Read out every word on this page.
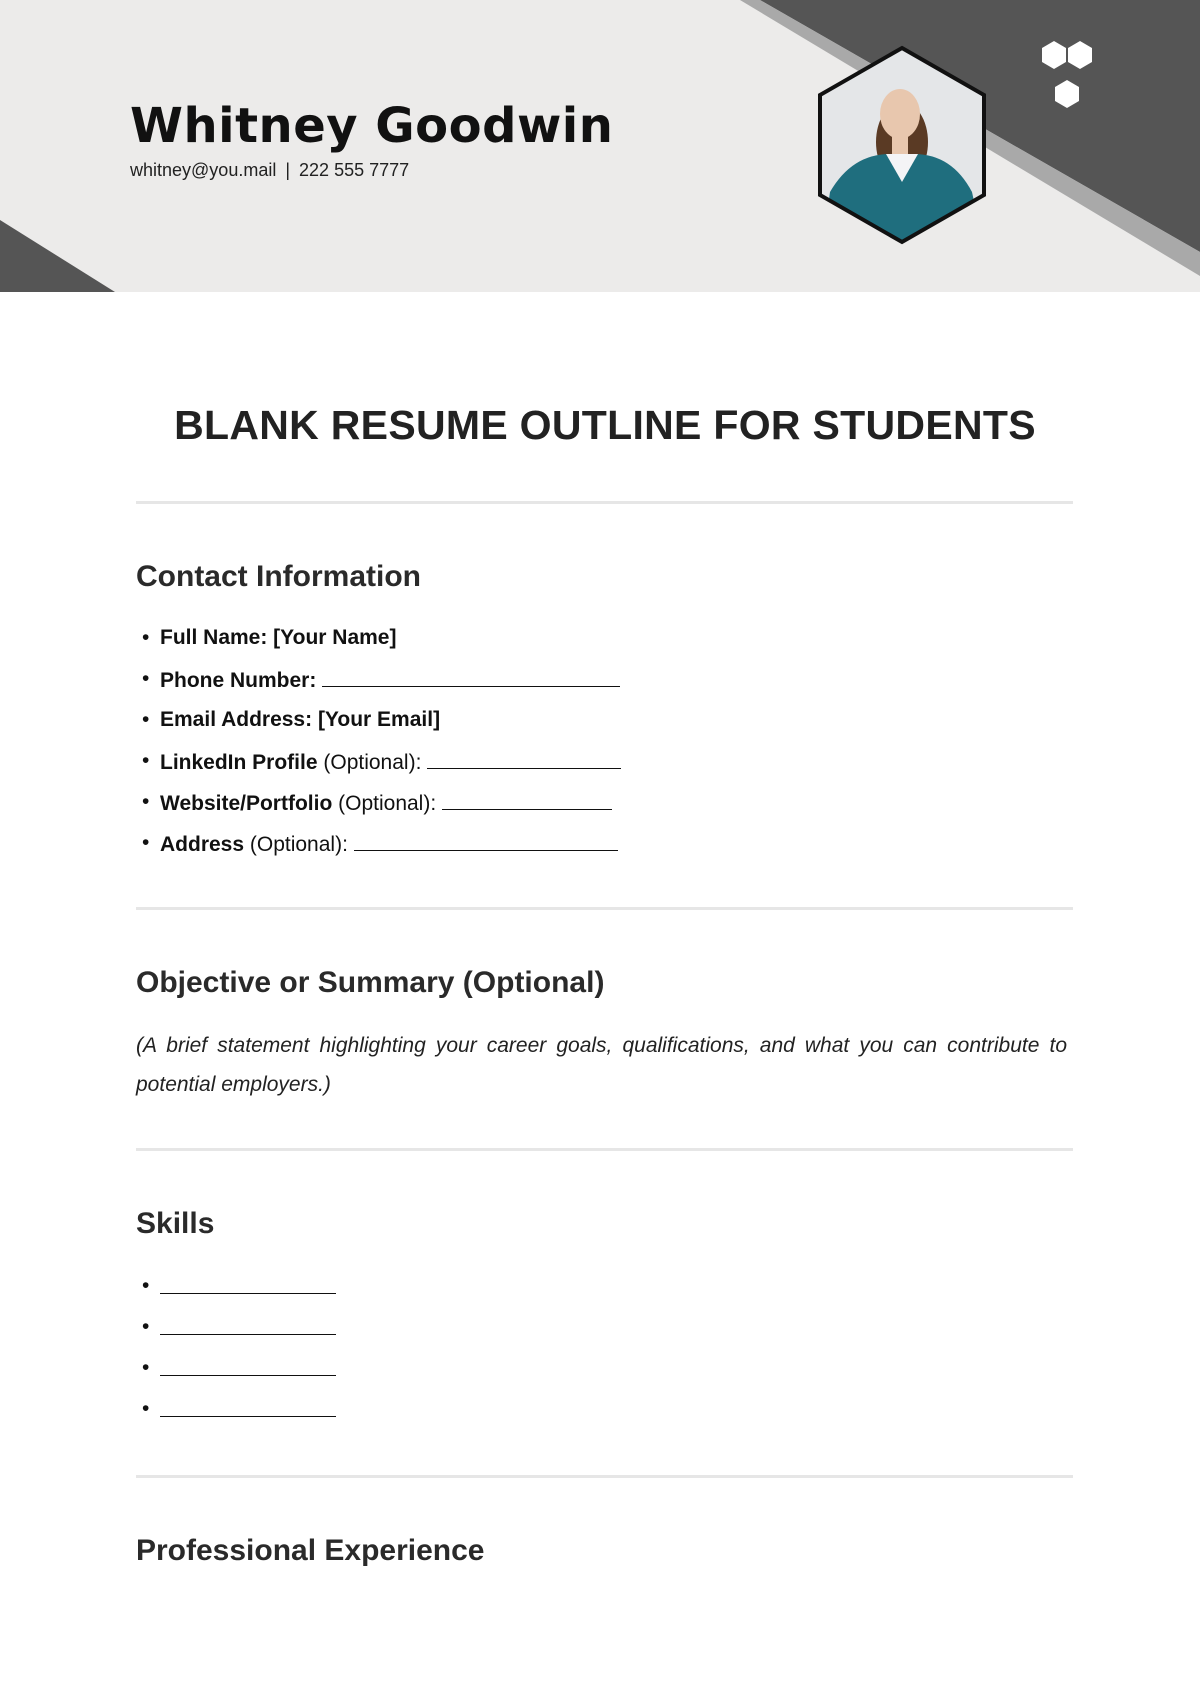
Whitney Goodwin
whitney@you.mail | 222 555 7777
BLANK RESUME OUTLINE FOR STUDENTS
Contact Information
• Full Name: [Your Name]
• Phone Number:
• Email Address: [Your Email]
• LinkedIn Profile (Optional):
• Website/Portfolio (Optional):
• Address (Optional):
Objective or Summary (Optional)

(A brief statement highlighting your career goals, qualifications, and what you can contribute to potential employers.)

Skills
•
•
•
•
Professional Experience
